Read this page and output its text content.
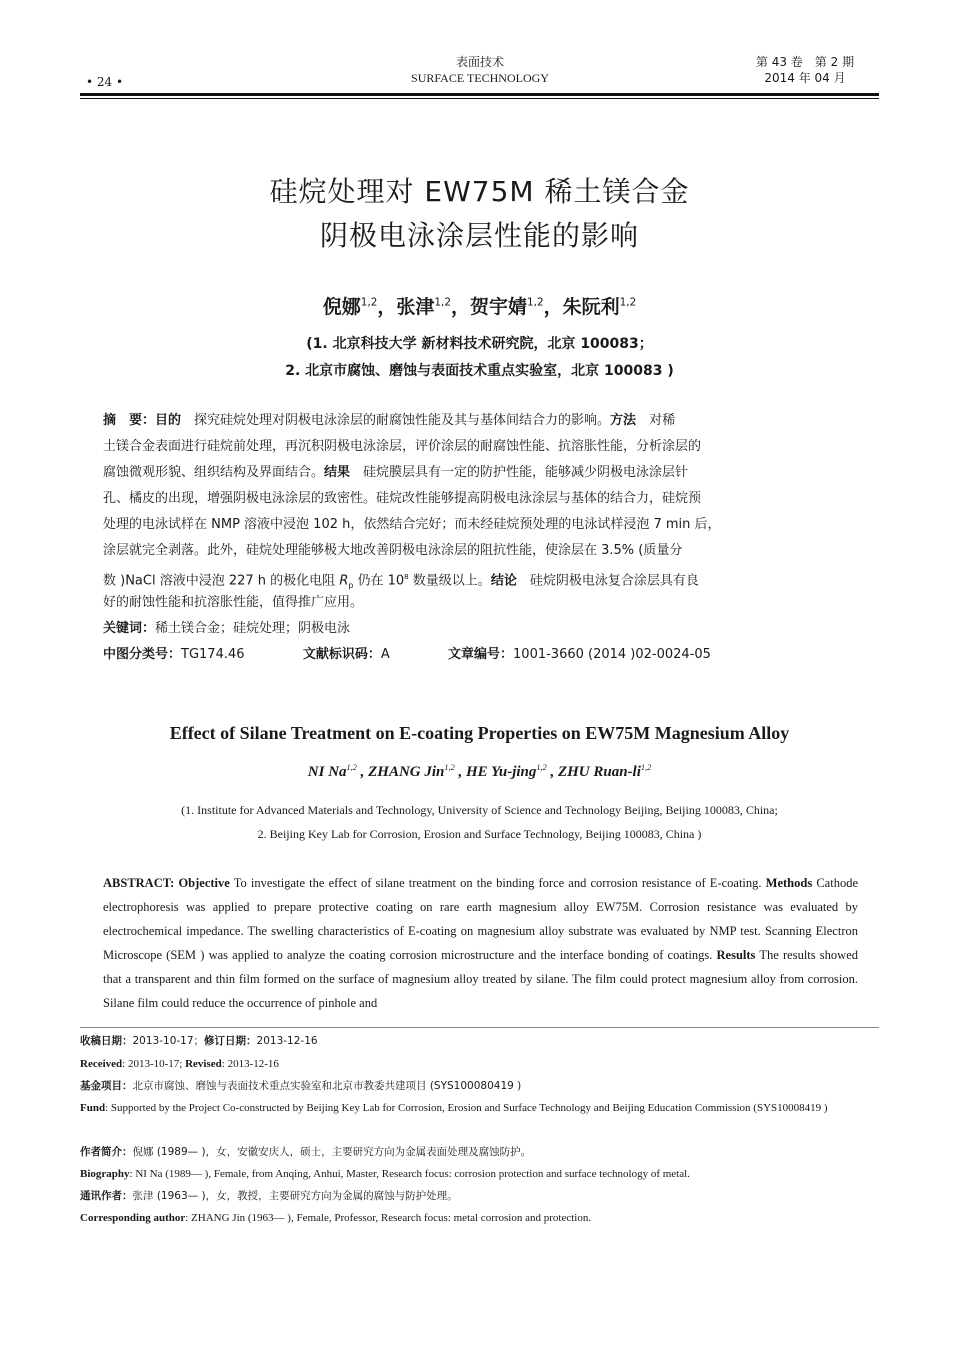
• 24 •
表面技术
SURFACE TECHNOLOGY
第 43 卷　第 2 期
2014 年 04 月
硅烷处理对 EW75M 稀土镁合金
阴极电泳涂层性能的影响
倪娜$^{1,2}$，张津$^{1,2}$，贺宇婧$^{1,2}$，朱阮利$^{1,2}$
(1. 北京科技大学 新材料技术研究院，北京 100083；
2. 北京市腐蚀、磨蚀与表面技术重点实验室，北京 100083 )
摘　要：目的　探究硅烷处理对阴极电泳涂层的耐腐蚀性能及其与基体间结合力的影响。方法　对稀
土镁合金表面进行硅烷前处理，再沉积阴极电泳涂层，评价涂层的耐腐蚀性能、抗溶胀性能，分析涂层的
腐蚀微观形貌、组织结构及界面结合。结果　硅烷膜层具有一定的防护性能，能够减少阴极电泳涂层针
孔、橘皮的出现，增强阴极电泳涂层的致密性。硅烷改性能够提高阴极电泳涂层与基体的结合力，硅烷预
处理的电泳试样在 NMP 溶液中浸泡 102 h，依然结合完好；而未经硅烷预处理的电泳试样浸泡 7 min 后，
涂层就完全剥落。此外，硅烷处理能够极大地改善阴极电泳涂层的阻抗性能，使涂层在 3.5% (质量分
数 )NaCl 溶液中浸泡 227 h 的极化电阻 $R_p$ 仍在 $10^8$ 数量级以上。结论　硅烷阴极电泳复合涂层具有良
好的耐蚀性能和抗溶胀性能，值得推广应用。
关键词：稀土镁合金；硅烷处理；阴极电泳
中图分类号：TG174.46	文献标识码：A	文章编号：1001-3660 (2014 )02-0024-05
Effect of Silane Treatment on E-coating Properties on EW75M Magnesium Alloy
NI Na$^{1,2}$ , ZHANG Jin$^{1,2}$ , HE Yu-jing$^{1,2}$ , ZHU Ruan-li$^{1,2}$
(1. Institute for Advanced Materials and Technology, University of Science and Technology Beijing, Beijing 100083, China;
2. Beijing Key Lab for Corrosion, Erosion and Surface Technology, Beijing 100083, China )
ABSTRACT: Objective To investigate the effect of silane treatment on the binding force and corrosion resistance of E-coating. Methods Cathode electrophoresis was applied to prepare protective coating on rare earth magnesium alloy EW75M. Corrosion resistance was evaluated by electrochemical impedance. The swelling characteristics of E-coating on magnesium alloy substrate was evaluated by NMP test. Scanning Electron Microscope (SEM ) was applied to analyze the coating corrosion microstructure and the interface bonding of coatings. Results The results showed that a transparent and thin film formed on the surface of magnesium alloy treated by silane. The film could protect magnesium alloy from corrosion. Silane film could reduce the occurrence of pinhole and
收稿日期：2013-10-17；修订日期：2013-12-16
Received: 2013-10-17; Revised: 2013-12-16
基金项目：北京市腐蚀、磨蚀与表面技术重点实验室和北京市教委共建项目 (SYS100080419 )
Fund: Supported by the Project Co-constructed by Beijing Key Lab for Corrosion, Erosion and Surface Technology and Beijing Education Commission (SYS10008419 )
作者简介：倪娜 (1989— )，女，安徽安庆人，硕士，主要研究方向为金属表面处理及腐蚀防护。
Biography: NI Na (1989— ), Female, from Anqing, Anhui, Master, Research focus: corrosion protection and surface technology of metal.
通讯作者：张津 (1963— )，女，教授，主要研究方向为金属的腐蚀与防护处理。
Corresponding author: ZHANG Jin (1963— ), Female, Professor, Research focus: metal corrosion and protection.
